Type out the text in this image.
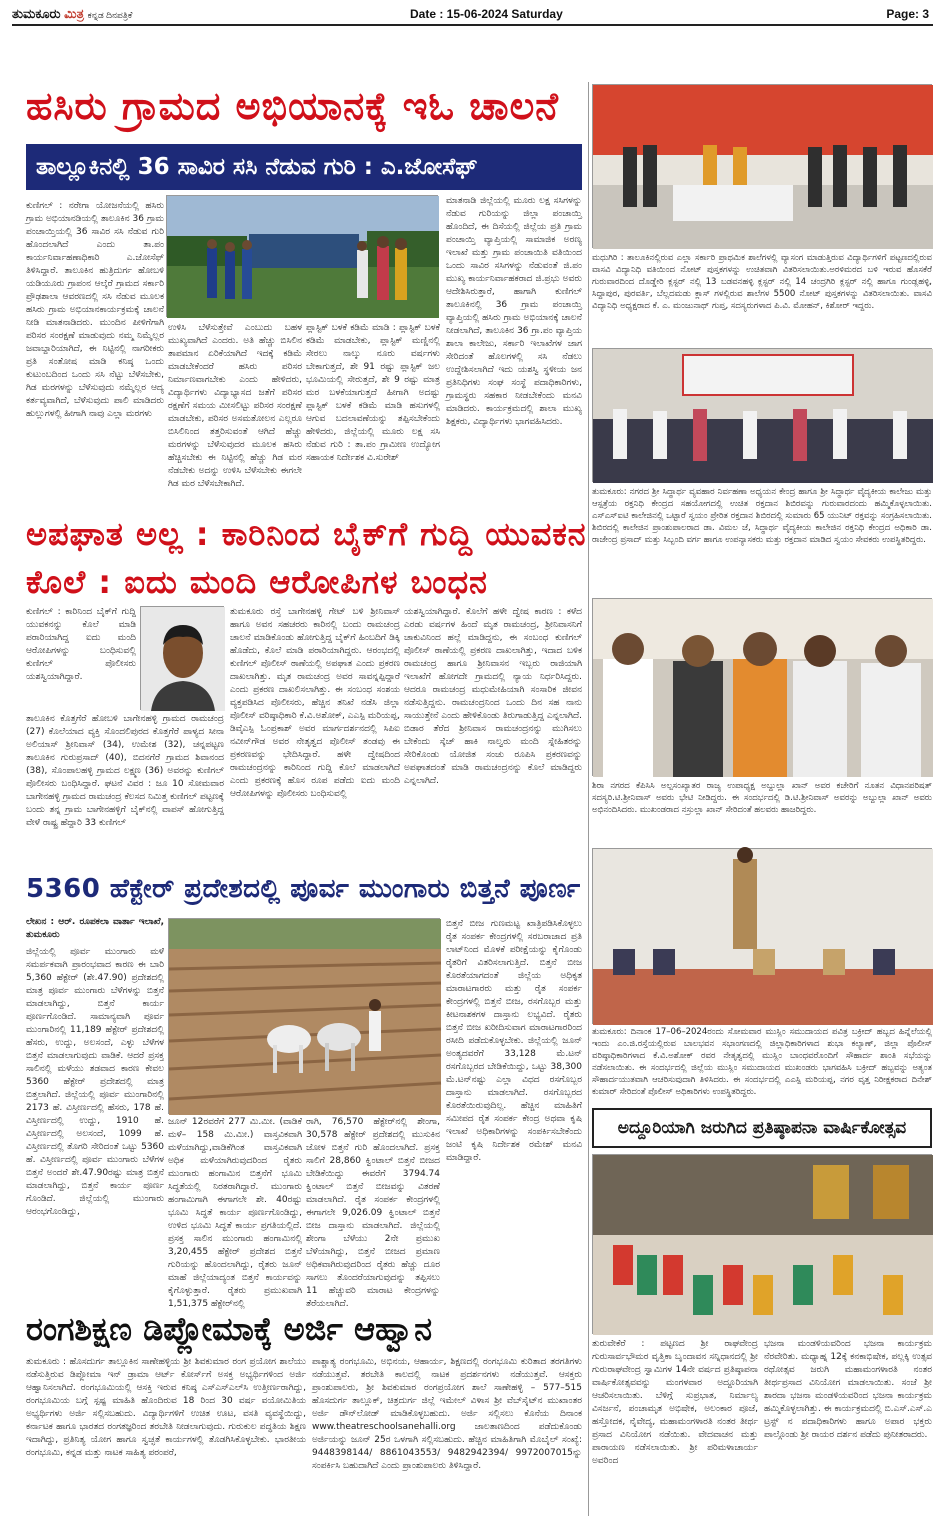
ತುಮಕೂರು ಮಿತ್ರ ಕನ್ನಡ ದಿನಪತ್ರಿಕೆ	Date : 15-06-2024 Saturday	Page: 3
ಹಸಿರು ಗ್ರಾಮದ ಅಭಿಯಾನಕ್ಕೆ ಇಓ ಚಾಲನೆ
ತಾಲ್ಲೂಕಿನಲ್ಲಿ 36 ಸಾವಿರ ಸಸಿ ನೆಡುವ ಗುರಿ : ಎ.ಜೋಸೆಫ್
ಕುಣಿಗಲ್ : ನರೇಗಾ ಯೋಜನೆಯಲ್ಲಿ ಹಸಿರು ಗ್ರಾಮ ಅಭಿಯಾನಡಿಯಲ್ಲಿ ತಾಲೂಕಿನ 36 ಗ್ರಾಮ ಪಂಚಾಯ್ತಿಯಲ್ಲಿ 36 ಸಾವಿರ ಸಸಿ ನೆಡುವ ಗುರಿ ಹೊಂದಲಾಗಿದೆ ಎಂದು ತಾ.ಪಂ ಕಾರ್ಯನಿರ್ವಾಹಣಾಧಿಕಾರಿ ಎ.ಜೋಸೆಫ್ ತಿಳಿಸಿದ್ದಾರೆ. ತಾಲೂಕಿನ ಹುತ್ರಿದುರ್ಗ ಹೋಬಳಿ ಯಡಿಯೂರು ಗ್ರಾಪಂನ ಆಲ್ಕೆರೆ ಗ್ರಾಮದ ಸರ್ಕಾರಿ ಪ್ರೌಢಶಾಲಾ ಆವರಣದಲ್ಲಿ ಸಸಿ ನೆಡುವ ಮೂಲಕ ಹಸಿರು ಗ್ರಾಮ ಅಭಿಯಾನಕಾರ್ಯಕ್ರಮಕ್ಕೆ ಚಾಲನೆ ನೀಡಿ ಮಾತನಾಡಿದರು. ಮುಂದಿನ ಪೀಳಿಗೆಗಾಗಿ ಪರಿಸರ ಸಂರಕ್ಷಣೆ ಮಾಡುವುದು ನಮ್ಮ ನಿಮ್ಮೆಲ್ಲರ ಜವಾಬ್ದಾರಿಯಾಗಿದೆ, ಈ ನಿಟ್ಟಿನಲ್ಲಿ ನಾಗರೀಕರು ಪ್ರತಿ ಸಂತೋಷ ಮಾಡಿ ಕನಿಷ್ಠ ಒಂದು ಕುಟುಂಬದಿಂದ ಒಂದು ಸಸಿ ನೆಟ್ಟು ಬೆಳೆಸಬೇಕು, ಗಿಡ ಮರಗಳನ್ನು ಬೆಳೆಸುವುದು ನಮ್ಮೆಲ್ಲರ ಆದ್ಯ ಕರ್ತವ್ಯವಾಗಿದೆ, ಬೆಳೆಸುವುದು ಪಾಲಿ ಮಾಡಿದರು ಹುಲ್ಲುಗಳಲ್ಲಿ ಹೀಗಾಗಿ ನಾವು ಎಲ್ಲಾ ಮರಗಳು
ಉಳಿಸಿ ಬೆಳೆಸುತ್ತೇವೆ ಎಂಬುದು ಬಹಳ ಮುಖ್ಯವಾಗಿದೆ ಎಂದರು. ಅತಿ ಹೆಚ್ಚು ಬಿಸಿಲಿನ ತಾಪಮಾನ ಏರಿಕೆಯಾಗಿದೆ ಇದಕ್ಕೆ ಕಡಿಮೆ ಮಾಡಬೇಕೆಂದರೆ ಹಸಿರು ಪರಿಸರ ನಿರ್ಮಾಣವಾಗಬೇಕು ಎಂದು ಹೇಳಿದರು, ವಿದ್ಯಾರ್ಥಿಗಳು ವಿದ್ಯಾಭ್ಯಾಸದ ಜತೆಗೆ ಪರಿಸರ ರಕ್ಷಣೆಗೆ ಸಮಯ ಮೀಸಲಿಟ್ಟು ಪರಿಸರ ಸಂರಕ್ಷಣೆ ಮಾಡಬೇಕು, ಪರಿಸರ ಅಸಮತೋಲನ ಎಲ್ಲರೂ ಬಿಸಿಲಿನಿಂದ ತತ್ತರಿಸುವಂತೆ ಆಗಿದೆ ಹೆಚ್ಚು ಮರಗಳನ್ನು ಬೆಳೆಸುವುದರ ಮೂಲಕ ಹಸಿರು ಹೆಚ್ಚಿಸಬೇಕು ಈ ನಿಟ್ಟಿನಲ್ಲಿ ಹೆಚ್ಚು ಗಿಡ ಮರ ನೆಡಬೇಕು ಅದನ್ನು ಉಳಿಸಿ ಬೆಳೆಸಬೇಕು ಈಗಲೇ ಗಿಡ ಮರ ಬೆಳೆಸಬೇಕಾಗಿದೆ.
ಪ್ಲಾಸ್ಟಿಕ್ ಬಳಕೆ ಕಡಿಮೆ ಮಾಡಿ : ಪ್ಲಾಸ್ಟಿಕ್ ಬಳಕೆ ಕಡಿಮೆ ಮಾಡಬೇಕು, ಪ್ಲಾಸ್ಟಿಕ್ ಮಣ್ಣಿನಲ್ಲಿ ಸೇರಲು ನಾಲ್ಕು ನೂರು ವರ್ಷಗಳು ಬೇಕಾಗುತ್ತದೆ, ಶೇ 91 ರಷ್ಟು ಪ್ಲಾಸ್ಟಿಕ್ ಜಲ ಭೂಮಿಯಲ್ಲಿ ಸೇರುತ್ತದೆ, ಶೇ 9 ರಷ್ಟು ಮಾತ್ರ ಮರ ಬಳಕೆಯಾಗುತ್ತದೆ ಹೀಗಾಗಿ ಅದಷ್ಟು ಪ್ಲಾಸ್ಟಿಕ್ ಬಳಕೆ ಕಡಿಮೆ ಮಾಡಿ ಹಸುಗಳಲ್ಲಿ ಆಗುವ ಬದಲಾವಣೆಯನ್ನು ತಪ್ಪಿಸಬೇಕೆಂದು ಹೇಳಿದರು, ಜಿಲ್ಲೆಯಲ್ಲಿ ಮೂರು ಲಕ್ಷ ಸಸಿ ನೆಡುವ ಗುರಿ : ತಾ.ಪಂ ಗ್ರಾಮೀಣ ಉದ್ಯೋಗ ಸಹಾಯಕ ನಿರ್ದೇಶಕ ವಿ.ಸುರೇಶ್
ಮಾತನಾಡಿ ಜಿಲ್ಲೆಯಲ್ಲಿ ಮೂರು ಲಕ್ಷ ಸಸಿಗಳನ್ನು ನೆಡುವ ಗುರಿಯನ್ನು ಜಿಲ್ಲಾ ಪಂಚಾಯ್ತಿ ಹೊಂದಿದೆ, ಈ ದಿಸೆಯಲ್ಲಿ ಜಿಲ್ಲೆಯ ಪ್ರತಿ ಗ್ರಾಮ ಪಂಚಾಯ್ತಿ ವ್ಯಾಪ್ತಿಯಲ್ಲಿ ಸಾಮಾಜಿಕ ಅರಣ್ಯ ಇಲಾಖೆ ಮತ್ತು ಗ್ರಾಮ ಪಂಚಾಯಿತಿ ವತಿಯಿಂದ ಒಂದು ಸಾವಿರ ಸಸಿಗಳನ್ನು ನೆಡುವಂತೆ ಜಿ.ಪಂ ಮುಖ್ಯ ಕಾರ್ಯನಿರ್ವಾಹಕರಾದ ಜಿ.ಪ್ರಭು ಅವರು ಆದೇಶಿಸಿರುತ್ತಾರೆ, ಹಾಗಾಗಿ ಕುಣಿಗಲ್ ತಾಲೂಕಿನಲ್ಲಿ 36 ಗ್ರಾಮ ಪಂಚಾಯ್ತಿ ವ್ಯಾಪ್ತಿಯಲ್ಲಿ ಹಸಿರು ಗ್ರಾಮ ಅಭಿಯಾನಕ್ಕೆ ಚಾಲನೆ ನೀಡಲಾಗಿದೆ, ತಾಲೂಕಿನ 36 ಗ್ರಾ.ಪಂ ವ್ಯಾಪ್ತಿಯ ಶಾಲಾ ಕಾಲೇಜು, ಸರ್ಕಾರಿ ಇಲಾಖೆಗಳ ಜಾಗ ಸೇರಿದಂತೆ ಹೊಲಗಳಲ್ಲಿ ಸಸಿ ನೆಡಲು ಉದ್ದೇಶಿಸಲಾಗಿದೆ ಇದು ಯಶಸ್ವಿ ಸ್ಥಳೀಯ ಜನ ಪ್ರತಿನಿಧಿಗಳು ಸಂಘ ಸಂಸ್ಥೆ ಪದಾಧಿಕಾರಿಗಳು, ಗ್ರಾಮಸ್ಥರು ಸಹಕಾರ ನೀಡಬೇಕೆಂದು ಮನವಿ ಮಾಡಿದರು. ಕಾರ್ಯಕ್ರಮದಲ್ಲಿ ಶಾಲಾ ಮುಖ್ಯ ಶಿಕ್ಷಕರು, ವಿದ್ಯಾರ್ಥಿಗಳು ಭಾಗವಹಿಸಿದರು.
ಅಪಘಾತ ಅಲ್ಲ : ಕಾರಿನಿಂದ ಬೈಕ್‌ಗೆ ಗುದ್ದಿ ಯುವಕನ
ಕೊಲೆ : ಐದು ಮಂದಿ ಆರೋಪಿಗಳ ಬಂಧನ
ಕುಣಿಗಲ್ : ಕಾರಿನಿಂದ ಬೈಕ್‌ಗೆ ಗುದ್ದಿ ಯುವಕನನ್ನು ಕೊಲೆ ಮಾಡಿ ಪರಾರಿಯಾಗಿದ್ದ ಐದು ಮಂದಿ ಆರೋಪಿಗಳನ್ನು ಬಂಧಿಸುವಲ್ಲಿ ಕುಣಿಗಲ್ ಪೊಲೀಸರು ಯಶಸ್ವಿಯಾಗಿದ್ದಾರೆ.
ತಾಲೂಕಿನ ಕೊತ್ತಗೆರೆ ಹೋಬಳಿ ಬಾಗೇನಹಳ್ಳಿ ಗ್ರಾಮದ ರಾಮಚಂದ್ರ (27) ಕೊಲೆಯಾದ ವ್ಯಕ್ತಿ ಸೊಂದಲಿಪುರದ ಕೊತ್ತಗೆರೆ ಪಾಳ್ಯದ ಸೀನಾ ಅಲಿಯಾಸ್ ಶ್ರೀನಿವಾಸ್ (34), ಉಮೇಶ (32), ಚನ್ನಪಟ್ಟಣ ತಾಲೂಕಿನ ಗುರುಪ್ರಸಾದ್ (40), ಬಿದನಗೆರೆ ಗ್ರಾಮದ ಶಿವಾನಂದ (38), ಸೊಂಪಾಲಹಳ್ಳಿ ಗ್ರಾಮದ ಲಕ್ಷ್ಮಣ (36) ಅವರನ್ನು ಕುಣಿಗಲ್ ಪೊಲೀಸರು ಬಂಧಿಸಿದ್ದಾರೆ. ಘಟನೆ ವಿವರ : ಜೂ 10 ಸೋಮವಾರ ಬಾಗೇನಹಳ್ಳಿ ಗ್ರಾಮದ ರಾಮಚಂದ್ರ ಕೆಲಸದ ನಿಮಿತ್ತ ಕುಣಿಗಲ್ ಪಟ್ಟಣಕ್ಕೆ ಬಂದು ತನ್ನ ಗ್ರಾಮ ಬಾಗೇನಹಳ್ಳಿಗೆ ಬೈಕ್‌ನಲ್ಲಿ ವಾಪಸ್ ಹೋಗುತ್ತಿದ್ದ ವೇಳೆ ರಾಷ್ಟ್ರ ಹೆದ್ದಾರಿ 33 ಕುಣಿಗಲ್
ತುಮಕೂರು ರಸ್ತೆ ಬಾಗೇನಹಳ್ಳಿ ಗೇಟ್ ಬಳಿ ಶ್ರೀನಿವಾಸ್ ಹಾಗೂ ಅವನ ಸಹಚರರು ಕಾರಿನಲ್ಲಿ ಬಂದು ರಾಮಚಂದ್ರ ಚಾಲನೆ ಮಾಡಿಕೊಂಡು ಹೋಗುತ್ತಿದ್ದ ಬೈಕ್‌ಗೆ ಹಿಂಬದಿಗೆ ಡಿಕ್ಕಿ ಹೊಡೆದು, ಕೊಲೆ ಮಾಡಿ ಪರಾರಿಯಾಗಿದ್ದರು. ಆರಂಭದಲ್ಲಿ ಕುಣಿಗಲ್ ಪೊಲೀಸ್ ಠಾಣೆಯಲ್ಲಿ ಅಪಘಾತ ಎಂದು ಪ್ರಕರಣ ದಾಖಲಾಗಿತ್ತು. ಮೃತ ರಾಮಚಂದ್ರ ಅವರ ಸಾವನ್ನಪ್ಪಿದ್ದಾರೆ ಎಂದು ಪ್ರಕರಣ ದಾಖಲಿಸಲಾಗಿತ್ತು. ಈ ಸಂಬಂಧ ಸಂಶಯ ವ್ಯಕ್ತಪಡಿಸಿದ ಪೊಲೀಸರು, ಹೆಚ್ಚಿನ ತನಿಖೆ ನಡೆಸಿ ಜಿಲ್ಲಾ ಪೊಲೀಸ್ ವರಿಷ್ಠಾಧಿಕಾರಿ ಕೆ.ವಿ.ಅಶೋಕ್, ಎಎಸ್ಪಿ ಮರಿಯಪ್ಪ, ಡಿವೈಎಸ್ಪಿ ಓಂಪ್ರಕಾಶ್ ಅವರ ಮಾರ್ಗದರ್ಶನದಲ್ಲಿ ಸಿಪಿಐ ನವೀನ್‌ಗೌಡ ಅವರ ನೇತೃತ್ವದ ಪೊಲೀಸ್ ತಂಡವು ಈ ಪ್ರಕರಣವನ್ನು ಭೇದಿಸಿದ್ದಾರೆ. ಹಳೇ ದ್ವೇಷದಿಂದ ರಾಮಚಂದ್ರನನ್ನು ಕಾರಿನಿಂದ ಗುದ್ದಿ ಕೊಲೆ ಮಾಡಲಾಗಿದೆ ಎಂದು ಪ್ರಕರಣಕ್ಕೆ ಹೊಸ ರೂಪ ಪಡೆದು ಐದು ಮಂದಿ ಆರೋಪಿಗಳನ್ನು ಪೊಲೀಸರು ಬಂಧಿಸುವಲ್ಲಿ
ಯಶಸ್ವಿಯಾಗಿದ್ದಾರೆ. ಕೊಲೆಗೆ ಹಳೇ ದ್ವೇಷ ಕಾರಣ : ಕಳೆದ ಎರಡು ವರ್ಷಗಳ ಹಿಂದೆ ಮೃತ ರಾಮಚಂದ್ರ, ಶ್ರೀನಿವಾಸನಿಗೆ ಚಾಕುವಿನಿಂದ ಹಲ್ಲೆ ಮಾಡಿದ್ದನು, ಈ ಸಂಬಂಧ ಕುಣಿಗಲ್ ಪೊಲೀಸ್ ಠಾಣೆಯಲ್ಲಿ ಪ್ರಕರಣ ದಾಖಲಾಗಿತ್ತು, ಇದಾದ ಬಳಿಕ ರಾಮಚಂದ್ರ ಹಾಗೂ ಶ್ರೀನಿವಾಸನ ಇಬ್ಬರು ರಾಜಿಯಾಗಿ ಇಲಾಖೆಗೆ ಹೋಗದೇ ಗ್ರಾಮದಲ್ಲಿ ನ್ಯಾಯ ನಿರ್ಧರಿಸಿದ್ದರು. ಆದರೂ ರಾಮಚಂದ್ರ ಮಧುಮೇಹಿಯಾಗಿ ಸಂಸಾರಿಕ ಜೀವನ ನಡೆಸುತ್ತಿದ್ದನು. ರಾಮಚಂದ್ರನಿಂದ ಒಂದು ದಿನ ಸಹ ನಾನು ಸಾಯುತ್ತೇನೆ ಎಂದು ಹೇಳಿಕೊಂಡು ತಿರುಗಾಡುತ್ತಿದ್ದ ಎನ್ನಲಾಗಿದೆ. ಬಿಡಾರ ತೆರೆದ ಶ್ರೀನಿವಾಸ ರಾಮಚಂದ್ರನನ್ನು ಮುಗಿಸಲು ಬೇಕೆಂದು ಸ್ಕೆಚ್ ಹಾಕಿ ನಾಲ್ವರು ಮಂದಿ ಸ್ನೇಹಿತರನ್ನು ಸೇರಿಕೊಂಡು ಯೋಜಿತ ಸಂಚು ರೂಪಿಸಿ ಪ್ರಕರಣವನ್ನು ಅಪಘಾತದಂತೆ ಮಾಡಿ ರಾಮಚಂದ್ರನನ್ನು ಕೊಲೆ ಮಾಡಿದ್ದರು ಎನ್ನಲಾಗಿದೆ.
5360 ಹೆಕ್ಟೇರ್ ಪ್ರದೇಶದಲ್ಲಿ ಪೂರ್ವ ಮುಂಗಾರು ಬಿತ್ತನೆ ಪೂರ್ಣ
ಲೇಖನ : ಆರ್. ರೂಪಕಲಾ ವಾರ್ತಾ ಇಲಾಖೆ, ತುಮಕೂರು
ಜಿಲ್ಲೆಯಲ್ಲಿ ಪೂರ್ವ ಮುಂಗಾರು ಮಳೆ ಸಮರ್ಪಕವಾಗಿ ಪ್ರಾರಂಭವಾದ ಕಾರಣ ಈ ಬಾರಿ 5,360 ಹೆಕ್ಟೇರ್ (ಶೇ.47.90) ಪ್ರದೇಶದಲ್ಲಿ ಮಾತ್ರ ಪೂರ್ವ ಮುಂಗಾರು ಬೆಳೆಗಳನ್ನು ಬಿತ್ತನೆ ಮಾಡಲಾಗಿದ್ದು, ಬಿತ್ತನೆ ಕಾರ್ಯ ಪೂರ್ಣಗೊಂಡಿದೆ. ಸಾಮಾನ್ಯವಾಗಿ ಪೂರ್ವ ಮುಂಗಾರಿನಲ್ಲಿ 11,189 ಹೆಕ್ಟೇರ್ ಪ್ರದೇಶದಲ್ಲಿ ಹೆಸರು, ಉದ್ದು, ಅಲಸಂದೆ, ಎಳ್ಳು ಬೆಳೆಗಳ ಬಿತ್ತನೆ ಮಾಡಲಾಗುವುದು ವಾಡಿಕೆ. ಆದರೆ ಪ್ರಸಕ್ತ ಸಾಲಿನಲ್ಲಿ ಮಳೆಯು ತಡವಾದ ಕಾರಣ ಕೇವಲ 5360 ಹೆಕ್ಟೇರ್ ಪ್ರದೇಶದಲ್ಲಿ ಮಾತ್ರ ಬಿತ್ತಲಾಗಿದೆ. ಜಿಲ್ಲೆಯಲ್ಲಿ ಪೂರ್ವ ಮುಂಗಾರಿನಲ್ಲಿ 2173 ಹೆ. ವಿಸ್ತೀರ್ಣದಲ್ಲಿ ಹೆಸರು, 178 ಹೆ. ವಿಸ್ತೀರ್ಣದಲ್ಲಿ ಉದ್ದು, 1910 ಹೆ. ವಿಸ್ತೀರ್ಣದಲ್ಲಿ ಅಲಸಂದೆ, 1099 ಹೆ. ವಿಸ್ತೀರ್ಣದಲ್ಲಿ ತೊಗರಿ ಸೇರಿದಂತೆ ಒಟ್ಟು 5360 ಹೆ. ವಿಸ್ತೀರ್ಣದಲ್ಲಿ ಪೂರ್ವ ಮುಂಗಾರು ಬೆಳೆಗಳ ಬಿತ್ತನೆ ಅಂದರೆ ಶೇ.47.90ರಷ್ಟು ಮಾತ್ರ ಬಿತ್ತನೆ ಮಾಡಲಾಗಿದ್ದು, ಬಿತ್ತನೆ ಕಾರ್ಯ ಪೂರ್ಣ ಗೊಂಡಿದೆ. ಜಿಲ್ಲೆಯಲ್ಲಿ ಮುಂಗಾರು ಆರಂಭಗೊಂಡಿದ್ದು,
ಜೂನ್ 12ರವರೆಗೆ 277 ಮಿ.ಮೀ. (ವಾಡಿಕೆ ಮಳೆ– 158 ಮಿ.ಮೀ.) ವಾಸ್ತವಿಕವಾಗಿ ಮಳೆಯಾಗಿದ್ದು,ವಾಡಿಕೆಗಿಂತ ವಾಸ್ತವಿಕವಾಗಿ ಅಧಿಕ ಮಳೆಯಾಗಿರುವುದರಿಂದ ರೈತರು ಮುಂಗಾರು ಹಂಗಾಮಿನ ಬಿತ್ತನೆಗೆ ಭೂಮಿ ಸಿದ್ಧತೆಯಲ್ಲಿ ನಿರತರಾಗಿದ್ದಾರೆ. ಮುಂಗಾರು ಹಂಗಾಮಿಗಾಗಿ ಈಗಾಗಲೇ ಶೇ. 40ರಷ್ಟು ಭೂಮಿ ಸಿದ್ಧತೆ ಕಾರ್ಯ ಪೂರ್ಣಗೊಂಡಿದ್ದು, ಉಳಿದ ಭೂಮಿ ಸಿದ್ಧತೆ ಕಾರ್ಯ ಪ್ರಗತಿಯಲ್ಲಿದೆ. ಪ್ರಸಕ್ತ ಸಾಲಿನ ಮುಂಗಾರು ಹಂಗಾಮಿನಲ್ಲಿ 3,20,455 ಹೆಕ್ಟೇರ್ ಪ್ರದೇಶದ ಬಿತ್ತನೆ ಗುರಿಯನ್ನು ಹೊಂದಲಾಗಿದ್ದು, ರೈತರು ಜೂನ್ ಮಾಹೆ ಜಿಲ್ಲೆಯಾದ್ಯಂತ ಬಿತ್ತನೆ ಕಾರ್ಯವನ್ನು ಕೈಗೊಳ್ಳುತ್ತಾರೆ. ರೈತರು ಪ್ರಮುಖವಾಗಿ 1,51,375 ಹೆಕ್ಟೇರ್‌ನಲ್ಲಿ
ರಾಗಿ, 76,570 ಹೆಕ್ಟೇರ್‌ನಲ್ಲಿ ಶೇಂಗಾ, 30,578 ಹೆಕ್ಟೇರ್ ಪ್ರದೇಶದಲ್ಲಿ ಮುಸುಕಿನ ಜೋಳ ಬಿತ್ತನೆ ಗುರಿ ಹೊಂದಲಾಗಿದೆ. ಪ್ರಸಕ್ತ ಸಾಲಿಗೆ 28,860 ಕ್ವಿಂಟಾಲ್ ಬಿತ್ತನೆ ಬೀಜದ ಬೇಡಿಕೆಯಿದ್ದು ಈವರೆಗೆ 3794.74 ಕ್ವಿಂಟಾಲ್ ಬಿತ್ತನೆ ಬೀಜವನ್ನು ವಿತರಣೆ ಮಾಡಲಾಗಿದೆ. ರೈತ ಸಂಪರ್ಕ ಕೇಂದ್ರಗಳಲ್ಲಿ ಈಗಾಗಲೇ 9,026.09 ಕ್ವಿಂಟಾಲ್ ಬಿತ್ತನೆ ಬೀಜ ದಾಸ್ತಾನು ಮಾಡಲಾಗಿದೆ. ಜಿಲ್ಲೆಯಲ್ಲಿ ಶೇಂಗಾ ಬೆಳೆಯು 2ನೇ ಪ್ರಮುಖ ಬೆಳೆಯಾಗಿದ್ದು, ಬಿತ್ತನೆ ಬೀಜದ ಪ್ರಮಾಣ ಅಧಿಕವಾಗಿರುವುದರಿಂದ ರೈತರು ಹೆಚ್ಚು ದೂರ ಸಾಗಲು ತೊಂದರೆಯಾಗುವುದನ್ನು ತಪ್ಪಿಸಲು 11 ಹೆಚ್ಚುವರಿ ಮಾರಾಟ ಕೇಂದ್ರಗಳನ್ನು ತೆರೆಯಲಾಗಿದೆ.
ಬಿತ್ತನೆ ಬೀಜ ಗುಣಮಟ್ಟ ಖಾತ್ರಿಪಡಿಸಿಕೊಳ್ಳಲು ರೈತ ಸಂಪರ್ಕ ಕೇಂದ್ರಗಳಲ್ಲಿ ಸರಬರಾಜಾದ ಪ್ರತಿ ಲಾಟ್‌ನಿಂದ ಮೊಳಕೆ ಪರೀಕ್ಷೆಯನ್ನು ಕೈಗೊಂಡು ರೈತರಿಗೆ ವಿತರಿಸಲಾಗುತ್ತಿದೆ. ಬಿತ್ತನೆ ಬೀಜ ಕೊರತೆಯಾಗದಂತೆ ಜಿಲ್ಲೆಯ ಅಧಿಕೃತ ಮಾರಾಟಗಾರರು ಮತ್ತು ರೈತ ಸಂಪರ್ಕ ಕೇಂದ್ರಗಳಲ್ಲಿ ಬಿತ್ತನೆ ಬೀಜ, ರಸಗೊಬ್ಬರ ಮತ್ತು ಕೀಟನಾಶಕಗಳ ದಾಸ್ತಾನು ಲಭ್ಯವಿದೆ. ರೈತರು ಬಿತ್ತನೆ ಬೀಜ ಖರೀದಿಸುವಾಗ ಮಾರಾಟಗಾರರಿಂದ ರಸೀದಿ ಪಡೆದುಕೊಳ್ಳಬೇಕು. ಜಿಲ್ಲೆಯಲ್ಲಿ ಜೂನ್ ಅಂತ್ಯದವರೆಗೆ 33,128 ಮೆ.ಟನ್ ರಸಗೊಬ್ಬರದ ಬೇಡಿಕೆಯಿದ್ದು, ಒಟ್ಟು 38,300 ಮೆ.ಟನ್‌ನಷ್ಟು ಎಲ್ಲಾ ವಿಧದ ರಸಗೊಬ್ಬರ ದಾಸ್ತಾನು ಮಾಡಲಾಗಿದೆ. ರಸಗೊಬ್ಬರದ ಕೊರತೆಯಿರುವುದಿಲ್ಲ. ಹೆಚ್ಚಿನ ಮಾಹಿತಿಗೆ ಸಮೀಪದ ರೈತ ಸಂಪರ್ಕ ಕೇಂದ್ರ ಅಥವಾ ಕೃಷಿ ಇಲಾಖೆ ಅಧಿಕಾರಿಗಳನ್ನು ಸಂಪರ್ಕಿಸಬೇಕೆಂದು ಜಂಟಿ ಕೃಷಿ ನಿರ್ದೇಶಕ ರಮೇಶ್ ಮನವಿ ಮಾಡಿದ್ದಾರೆ.
ರಂಗಶಿಕ್ಷಣ ಡಿಪ್ಲೋಮಾಕ್ಕೆ ಅರ್ಜಿ ಆಹ್ವಾನ
ತುಮಕೂರು : ಹೊಸದುರ್ಗ ತಾಲ್ಲೂಕಿನ ಸಾಣೇಹಳ್ಳಿಯ ಶ್ರೀ ಶಿವಕುಮಾರ ರಂಗ ಪ್ರಯೋಗ ಶಾಲೆಯು ನಡೆಸುತ್ತಿರುವ ಡಿಪ್ಲೋಮಾ ಇನ್ ಡ್ರಾಮಾ ಆರ್ಟ್ ಕೋರ್ಸ್‌ಗೆ ಅಸಕ್ತ ಅಭ್ಯರ್ಥಿಗಳಿಂದ ಅರ್ಜಿ ಆಹ್ವಾನಿಸಲಾಗಿದೆ. ರಂಗಭೂಮಿಯಲ್ಲಿ ಆಸಕ್ತಿ ಇರುವ ಕನಿಷ್ಠ ಎಸ್‌ಎಸ್‌ಎಲ್‌ಸಿ ಉತ್ತೀರ್ಣರಾಗಿದ್ದು, ರಂಗಭೂಮಿಯ ಬಗ್ಗೆ ಸ್ಪಷ್ಟ ಮಾಹಿತಿ ಹೊಂದಿರುವ 18 ರಿಂದ 30 ವರ್ಷ ವಯೋಮಿತಿಯ ಅಭ್ಯರ್ಥಿಗಳು ಅರ್ಜಿ ಸಲ್ಲಿಸಬಹುದು. ವಿದ್ಯಾರ್ಥಿಗಳಿಗೆ ಉಚಿತ ಊಟ, ವಸತಿ ವ್ಯವಸ್ಥೆಯಿದ್ದು, ಕರ್ನಾಟಕ ಹಾಗೂ ಭಾರತದ ರಂಗತಜ್ಞರಿಂದ ತರಬೇತಿ ನೀಡಲಾಗುವುದು. ಗುರುಕುಲ ಪದ್ಧತಿಯ ಶಿಕ್ಷಣ ಇದಾಗಿದ್ದು, ಪ್ರತಿನಿತ್ಯ ಯೋಗ ಹಾಗೂ ಸ್ವಚ್ಛತೆ ಕಾರ್ಯಗಳಲ್ಲಿ ತೊಡಗಿಸಿಕೊಳ್ಳಬೇಕು. ಭಾರತೀಯ ರಂಗಭೂಮಿ, ಕನ್ನಡ ಮತ್ತು ನಾಟಕ ಸಾಹಿತ್ಯ ಪರಂಪರೆ,
ಪಾಶ್ಚಾತ್ಯ ರಂಗಭೂಮಿ, ಅಭಿನಯ, ಆಹಾರ್ಯ, ಶಿಕ್ಷಣದಲ್ಲಿ ರಂಗಭೂಮಿ ಕುರಿತಾದ ತರಗತಿಗಳು ನಡೆಯುತ್ತವೆ. ತರಬೇತಿ ಕಾಲದಲ್ಲಿ ನಾಟಕ ಪ್ರದರ್ಶನಗಳು ನಡೆಯುತ್ತವೆ. ಆಸಕ್ತರು ಪ್ರಾಂಶುಪಾಲರು, ಶ್ರೀ ಶಿವಕುಮಾರ ರಂಗಪ್ರಯೋಗ ಶಾಲೆ ಸಾಣೇಹಳ್ಳಿ – 577–515 ಹೊಸದುರ್ಗ ತಾಲ್ಲೂಕ್, ಚಿತ್ರದುರ್ಗ ಜಿಲ್ಲೆ ಇಮೇಲ್ ವಿಳಾಸ ಶ್ರೀ ವೆಬ್‌ಸೈಟ್‌ನ ಮುಖಾಂತರ ಅರ್ಜಿ ಡೌನ್‌ಲೋಡ್ ಮಾಡಿಕೊಳ್ಳಬಹುದು. ಅರ್ಜಿ ಸಲ್ಲಿಸಲು ಕೊನೆಯ ದಿನಾಂಕ www.theatreschoolsanehalli.org ಜಾಲತಾಣದಿಂದ ಪಡೆದುಕೊಂಡು ಅರ್ಜಿಯನ್ನು ಜೂನ್ 25ರ ಒಳಗಾಗಿ ಸಲ್ಲಿಸಬಹುದು. ಹೆಚ್ಚಿನ ಮಾಹಿತಿಗಾಗಿ ಮೊಬೈಲ್ ಸಂಖ್ಯೆ: 9448398144/ 8861043553/ 9482942394/ 9972007015ನ್ನು ಸಂಪರ್ಕಿಸಿ ಬಹುದಾಗಿದೆ ಎಂದು ಪ್ರಾಂಶುಪಾಲರು ತಿಳಿಸಿದ್ದಾರೆ.
ಮಧುಗಿರಿ : ತಾಲೂಕಿನಲ್ಲಿರುವ ಎಲ್ಲಾ ಸರ್ಕಾರಿ ಪ್ರಾಥಮಿಕ ಶಾಲೆಗಳಲ್ಲಿ ವ್ಯಾಸಂಗ ಮಾಡುತ್ತಿರುವ ವಿದ್ಯಾರ್ಥಿಗಳಿಗೆ ಪಟ್ಟಣದಲ್ಲಿರುವ ವಾಸವಿ ವಿದ್ಯಾನಿಧಿ ವತಿಯಿಂದ ನೋಟ್ ಪುಸ್ತಕಗಳನ್ನು ಉಚಿತವಾಗಿ ವಿತರಿಸಲಾಯಿತು.ಅರಳಿಮರದ ಬಳಿ ಇರುವ ಹೊಸಕೆರೆ ಗುರುವಾರದಿಂದ ದೊಡ್ಡೇರಿ ಕ್ಲಸ್ಟರ್ ನಲ್ಲಿ 13 ಬಡವನಹಳ್ಳಿ ಕ್ಲಸ್ಟರ್ ನಲ್ಲಿ 14 ಚಂದ್ರಗಿರಿ ಕ್ಲಸ್ಟರ್ ನಲ್ಲಿ ಹಾಗೂ ಗುಂಡ್ಲಹಳ್ಳಿ, ಸಿದ್ದಾಪುರ, ಪುರವರ್ತಿ, ಬೆಲ್ಲದಮಡು ಕ್ಲಾಸ್ ಗಳಲ್ಲಿರುವ ಶಾಲೆಗಳ 5500 ನೋಟ್ ಪುಸ್ತಕಗಳನ್ನು ವಿತರಿಸಲಾಯಿತು. ವಾಸವಿ ವಿದ್ಯಾನಿಧಿ ಅಧ್ಯಕ್ಷರಾದ ಕೆ. ಎ. ಮಂಜುನಾಥ್ ಗುಪ್ತ, ಸದಸ್ಯರುಗಳಾದ ಪಿ.ವಿ. ಮೋಹನ್, ಕಿಶೋರ್ ಇದ್ದರು.
ತುಮಕೂರು: ನಗರದ ಶ್ರೀ ಸಿದ್ಧಾರ್ಥ ವ್ಯವಹಾರ ನಿರ್ವಹಣಾ ಅಧ್ಯಯನ ಕೇಂದ್ರ ಹಾಗೂ ಶ್ರೀ ಸಿದ್ಧಾರ್ಥ ವೈದ್ಯಕೀಯ ಕಾಲೇಜು ಮತ್ತು ಆಸ್ಪತ್ರೆಯ ರಕ್ತನಿಧಿ ಕೇಂದ್ರದ ಸಹಯೋಗದಲ್ಲಿ ಉಚಿತ ರಕ್ತದಾನ ಶಿಬಿರವನ್ನು ಗುರುವಾರದಂದು ಹಮ್ಮಿಕೊಳ್ಳಲಾಯಿತು. ಎಸ್ಎಸ್ಐಟಿ ಕಾಲೇಜಿನಲ್ಲಿ ಒಟ್ಟಾರೆ ಸ್ವಯಂ ಪ್ರೇರಿತ ರಕ್ತದಾನ ಶಿಬಿರದಲ್ಲಿ ಸುಮಾರು 65 ಯುನಿಟ್ ರಕ್ತವನ್ನು ಸಂಗ್ರಹಿಸಲಾಯಿತು. ಶಿಬಿರದಲ್ಲಿ ಕಾಲೇಜಿನ ಪ್ರಾಂಶುಪಾಲರಾದ ಡಾ. ವಿಮಲ ಜೆ, ಸಿದ್ಧಾರ್ಥ ವೈದ್ಯಕೀಯ ಕಾಲೇಜಿನ ರಕ್ತನಿಧಿ ಕೇಂದ್ರದ ಅಧಿಕಾರಿ ಡಾ. ರಾಜೇಂದ್ರ ಪ್ರಸಾದ್ ಮತ್ತು ಸಿಬ್ಬಂದಿ ವರ್ಗ ಹಾಗೂ ಉಪನ್ಯಾಸಕರು ಮತ್ತು ರಕ್ತದಾನ ಮಾಡಿದ ಸ್ವಯಂ ಸೇವಕರು ಉಪಸ್ಥಿತರಿದ್ದರು.
ಶಿರಾ ನಗರದ ಕೆಪಿಸಿಸಿ ಅಲ್ಪಸಂಖ್ಯಾತರ ರಾಜ್ಯ ಉಪಾಧ್ಯಕ್ಷ ಅಬ್ದುಲ್ಲಾ ಖಾನ್ ಅವರ ಕಚೇರಿಗೆ ನೂತನ ವಿಧಾನಪರಿಷತ್ ಸದಸ್ಯರಿ.ಟಿ.ಶ್ರೀನಿವಾಸ್ ಅವರು ಭೇಟಿ ನೀಡಿದ್ದರು. ಈ ಸಂದರ್ಭದಲ್ಲಿ ಡಿ.ಟಿ.ಶ್ರೀನಿವಾಸ್ ಅವರನ್ನು ಅಬ್ದುಲ್ಲಾ ಖಾನ್ ಅವರು ಅಭಿನಂದಿಸಿದರು. ಮುಖಂಡರಾದ ನಸ್ರುಲ್ಲಾ ಖಾನ್ ಸೇರಿದಂತೆ ಹಲವರು ಹಾಜರಿದ್ದರು.
ತುಮಕೂರು: ದಿನಾಂಕ 17–06–2024ರಂದು ಸೋಮವಾರ ಮುಸ್ಲಿಂ ಸಮುದಾಯದ ಪವಿತ್ರ ಬಕ್ರೀದ್ ಹಬ್ಬದ ಹಿನ್ನೆಲೆಯಲ್ಲಿ ಇಂದು ಎಂ.ಜಿ.ರಸ್ತೆಯಲ್ಲಿರುವ ಬಾಲಭವನ ಸಭಾಂಗಣದಲ್ಲಿ ಜಿಲ್ಲಾಧಿಕಾರಿಗಳಾದ ಶುಭಾ ಕಲ್ಯಾಣ್, ಜಿಲ್ಲಾ ಪೊಲೀಸ್ ವರಿಷ್ಠಾಧಿಕಾರಿಗಳಾದ ಕೆ.ವಿ.ಅಶೋಕ್ ರವರ ನೇತೃತ್ವದಲ್ಲಿ ಮುಸ್ಲಿಂ ಬಾಂಧವರೊಂದಿಗೆ ಸೌಹಾರ್ದ ಶಾಂತಿ ಸಭೆಯನ್ನು ನಡೆಸಲಾಯಿತು. ಈ ಸಂದರ್ಭದಲ್ಲಿ ಜಿಲ್ಲೆಯ ಮುಸ್ಲಿಂ ಸಮುದಾಯದ ಮುಖಂಡರು ಭಾಗವಹಿಸಿ ಬಕ್ರೀದ್ ಹಬ್ಬವನ್ನು ಅತ್ಯಂತ ಸೌಹಾರ್ದಯುತವಾಗಿ ಆಚರಿಸುವುದಾಗಿ ತಿಳಿಸಿದರು. ಈ ಸಂದರ್ಭದಲ್ಲಿ ಎಎಸ್ಪಿ ಮರಿಯಪ್ಪ, ನಗರ ವೃತ್ತ ನಿರೀಕ್ಷಕರಾದ ದಿನೇಶ್ ಕುಮಾರ್ ಸೇರಿದಂತೆ ಪೊಲೀಸ್ ಅಧಿಕಾರಿಗಳು ಉಪಸ್ಥಿತರಿದ್ದರು.
ಅದ್ದೂರಿಯಾಗಿ ಜರುಗಿದ ಪ್ರತಿಷ್ಠಾಪನಾ ವಾರ್ಷಿಕೋತ್ಸವ
ತುರುವೇಕೆರೆ : ಪಟ್ಟಣದ ಶ್ರೀ ರಾಘವೇಂದ್ರ ಗುರುಸಾರ್ವಭೌಮರ ವೃತ್ತಿಕಾ ಬೃಂದಾವನ ಸನ್ನಿಧಾನದಲ್ಲಿ ಶ್ರೀ ಗುರುರಾಘವೇಂದ್ರ ಸ್ವಾಮಿಗಳ 14ನೇ ವರ್ಷದ ಪ್ರತಿಷ್ಠಾಪನಾ ವಾರ್ಷಿಕೋತ್ಸವವನ್ನು ಮಂಗಳವಾರ ಅದ್ದೂರಿಯಾಗಿ ಆಚರಿಸಲಾಯಿತು. ಬೆಳಿಗ್ಗೆ ಸುಪ್ರಭಾತ, ನಿರ್ಮಾಲ್ಯ ವಿಸರ್ಜನೆ, ಪಂಚಾಮೃತ ಅಭಿಷೇಕ, ಅಲಂಕಾರ ಪೂಜೆ, ಹಸ್ತೋದಕ, ನೈವೇದ್ಯ, ಮಹಾಮಂಗಳಾರತಿ ನಂತರ ತೀರ್ಥ ಪ್ರಸಾದ ವಿನಿಯೋಗ ನಡೆಯಿತು. ವೇದವಾಚನ ಮತ್ತು ಪಾರಾಯಣ ನಡೆಸಲಾಯಿತು. ಶ್ರೀ ಪರಿಮಳಾಚಾರ್ಯ ಅವರಿಂದ
ಭಜನಾ ಮಂಡಳಿಯವರಿಂದ ಭಜನಾ ಕಾರ್ಯಕ್ರಮ ನೆರವೇರಿತು. ಮಧ್ಯಾಹ್ನ 12ಕ್ಕೆ ಕನಕಾಭಿಷೇಕ, ಪಲ್ಲಕ್ಕಿ ಉತ್ಸವ ರಥೋತ್ಸವ ಜರುಗಿ ಮಹಾಮಂಗಳಾರತಿ ನಂತರ ತೀರ್ಥಪ್ರಸಾದ ವಿನಿಯೋಗ ಮಾಡಲಾಯಿತು. ಸಂಜೆ ಶ್ರೀ ಶಾರದಾ ಭಜನಾ ಮಂಡಳಿಯವರಿಂದ ಭಜನಾ ಕಾರ್ಯಕ್ರಮ ಹಮ್ಮಿಕೊಳ್ಳಲಾಗಿತ್ತು. ಈ ಕಾರ್ಯಕ್ರಮದಲ್ಲಿ ಬಿ.ಎಸ್.ಎಸ್.ಎ ಟ್ರಸ್ಟ್ ನ ಪದಾಧಿಕಾರಿಗಳು ಹಾಗೂ ಅಪಾರ ಭಕ್ತರು ಪಾಲ್ಗೊಂಡು ಶ್ರೀ ರಾಯರ ದರ್ಶನ ಪಡೆದು ಪುನೀತರಾದರು.
